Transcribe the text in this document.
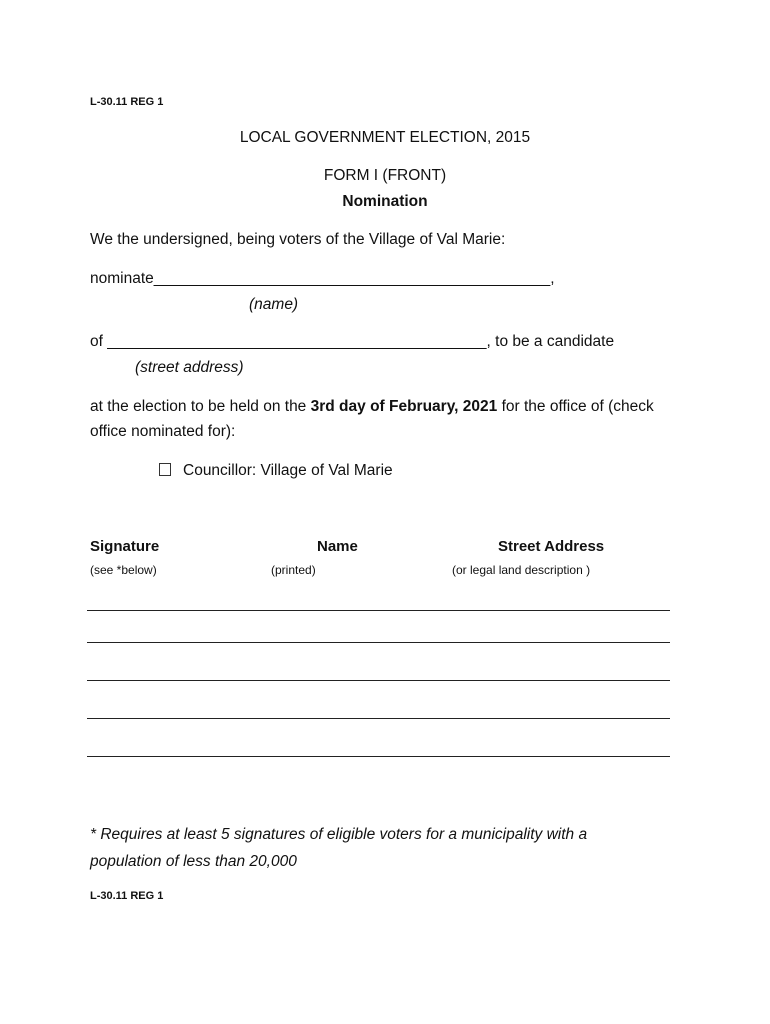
L-30.11 REG 1
LOCAL GOVERNMENT ELECTION, 2015
FORM I (FRONT)
Nomination
We the undersigned, being voters of the Village of Val Marie:
nominate______________________________________________,
(name)
of ____________________________________________, to be a candidate
(street address)
at the election to be held on the 3rd day of February, 2021 for the office of (check
office nominated for):
Councillor: Village of Val Marie
Signature
(see *below)
Name
(printed)
Street Address
(or legal land description )
* Requires at least 5 signatures of eligible voters for a municipality with a
population of less than 20,000
L-30.11 REG 1
